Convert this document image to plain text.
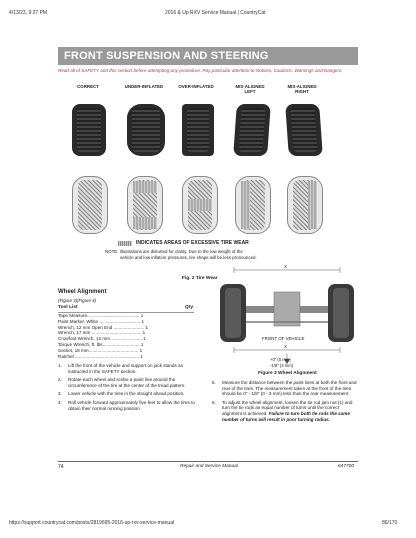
4/13/23, 9:27 PM	2016 & Up RXV Service Manual | CountryCat
FRONT SUSPENSION AND STEERING
Read all of SAFETY and this section before attempting any procedure. Pay particular attention to Notices, Cautions, Warnings and Dangers.
CORRECT	UNDER-INFLATED	OVER-INFLATED	MIS-ALIGNED
LEFT
MIS-ALIGNED
RIGHT
INDICATES AREAS OF EXCESSIVE TIRE WEAR
NOTE: Illustrations are distorted for clarity. Due to the low weight of the
vehicle and low inflation pressures, tire shape will be less pronounced.
Fig. 2 Tire Wear
Wheel Alignment
(Figure 3)(Figure 4)
Tool List	Qty.
Tape Measure......................................... 1
Paint Marker, White ................................ 1
Wrench, 12 mm Open End ........................ 1
Wrench, 17 mm ....................................... 1
Crowfoot Wrench, 12 mm ........................ 1
Torque Wrench, ft. lbs............................. 1
Socket, 18 mm....................................... 1
Ratchet .................................................. 1
1.	Lift the front of the vehicle and support on jack stands as instructed in the SAFETY section.
2.	Rotate each wheel and scribe a paint line around the circumference of the tire at the center of the tread pattern.
3.	Lower vehicle with the tires in the straight ahead position.
4.	Roll vehicle forward approximately five feet to allow the tires to obtain their normal running position
X
X
FRONT OF VEHICLE
+0" (0 mm)
-1/8" (3 mm)
Figure 3 Wheel Alignment
5.	Measure the distance between the paint lines at both the front and rear of the tires. The measurement taken at the front of the tires should be 0" - 1/8" (0 - 3 mm) less than the rear measurement
6.	To adjust the wheel alignment, loosen the tie rod jam nut (1) and turn the tie rods an equal number of turns until the correct alignment is achieved. Failure to turn both tie rods the same number of turns will result in poor turning radius.
74	Repair and Service Manual	647700
https://support.countrycat.com/posts/2819695-2016-up-rxv-service-manual	86/170
